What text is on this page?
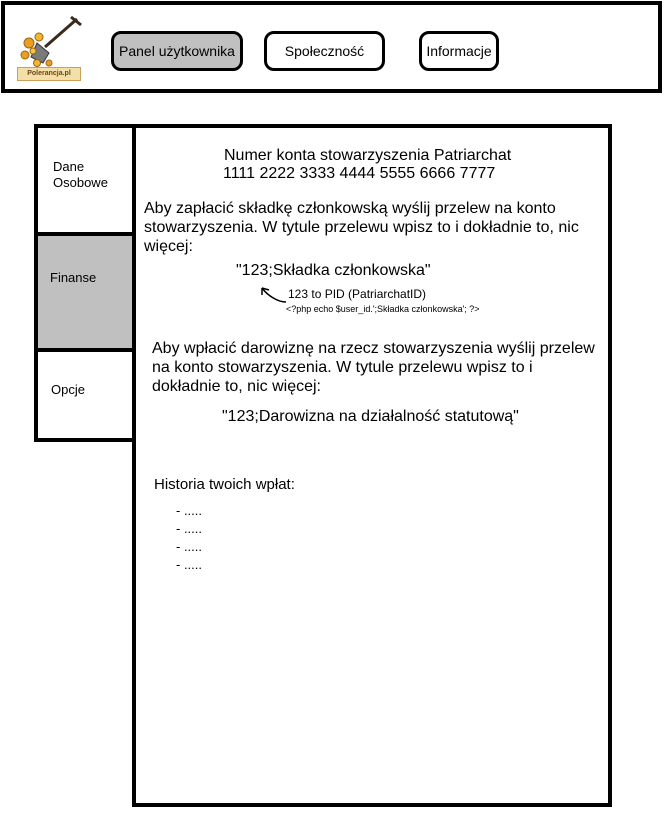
Polerancja.pl
Panel użytkownika	Społeczność	Informacje
Dane
Osobowe
Finanse
Opcje
Numer konta stowarzyszenia Patriarchat
1111 2222 3333 4444 5555 6666 7777
Aby zapłacić składkę członkowską wyślij przelew na konto
stowarzyszenia. W tytule przelewu wpisz to i dokładnie to, nic
więcej:
"123;Składka członkowska"
123 to PID (PatriarchatID)
<?php echo $user_id.';Składka członkowska'; ?>
Aby wpłacić darowiznę na rzecz stowarzyszenia wyślij przelew
na konto stowarzyszenia. W tytule przelewu wpisz to i
dokładnie to, nic więcej:
"123;Darowizna na działalność statutową"
Historia twoich wpłat:
- .....
- .....
- .....
- .....
